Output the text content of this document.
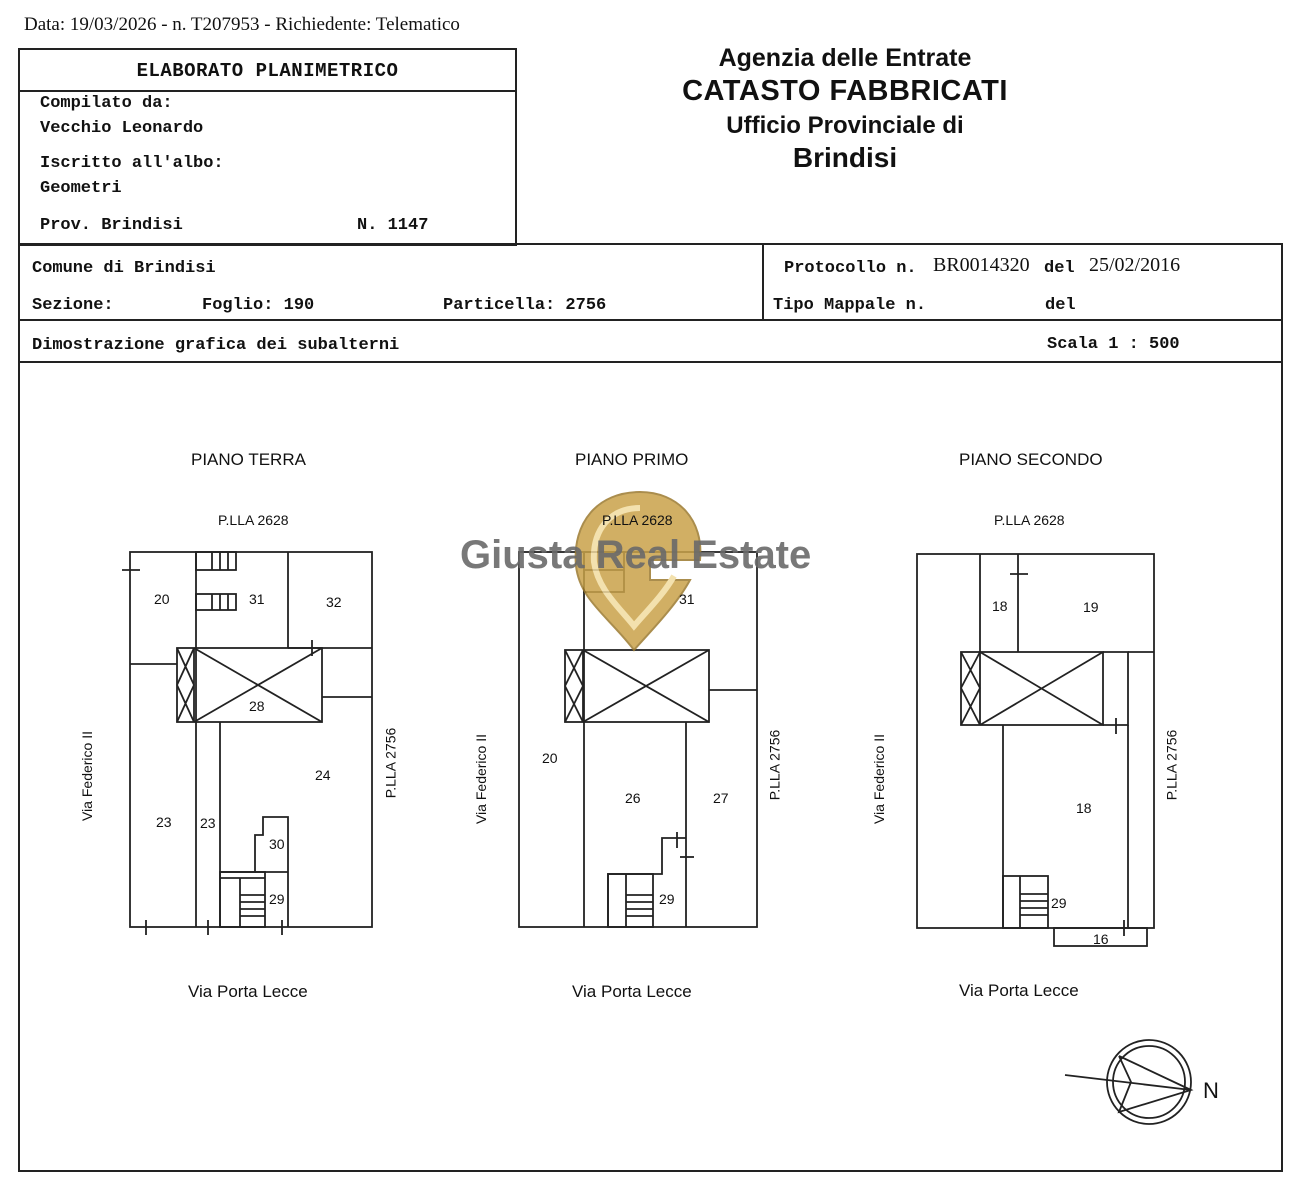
Data: 19/03/2026 - n. T207953 - Richiedente: Telematico
ELABORATO PLANIMETRICO
Compilato da:
Vecchio Leonardo
Iscritto all'albo:
Geometri
Prov. Brindisi	N. 1147
Agenzia delle Entrate
CATASTO FABBRICATI
Ufficio Provinciale di
Brindisi
Comune di Brindisi
Sezione:	Foglio: 190	Particella: 2756
Protocollo n. BR0014320 del 25/02/2016
Tipo Mappale n.	del
Dimostrazione grafica dei subalterni	Scala 1 : 500
Giusta Real Estate
PIANO TERRA
P.LLA 2628
Via Federico II	P.LLA 2756
Via Porta Lecce
20	31	32
28
24
23 23
30
29
PIANO PRIMO
P.LLA 2628
Via Federico II	P.LLA 2756
Via Porta Lecce
31
20
26	27
29
PIANO SECONDO
P.LLA 2628
Via Federico II	P.LLA 2756
Via Porta Lecce
18	19
18
29
16
N
